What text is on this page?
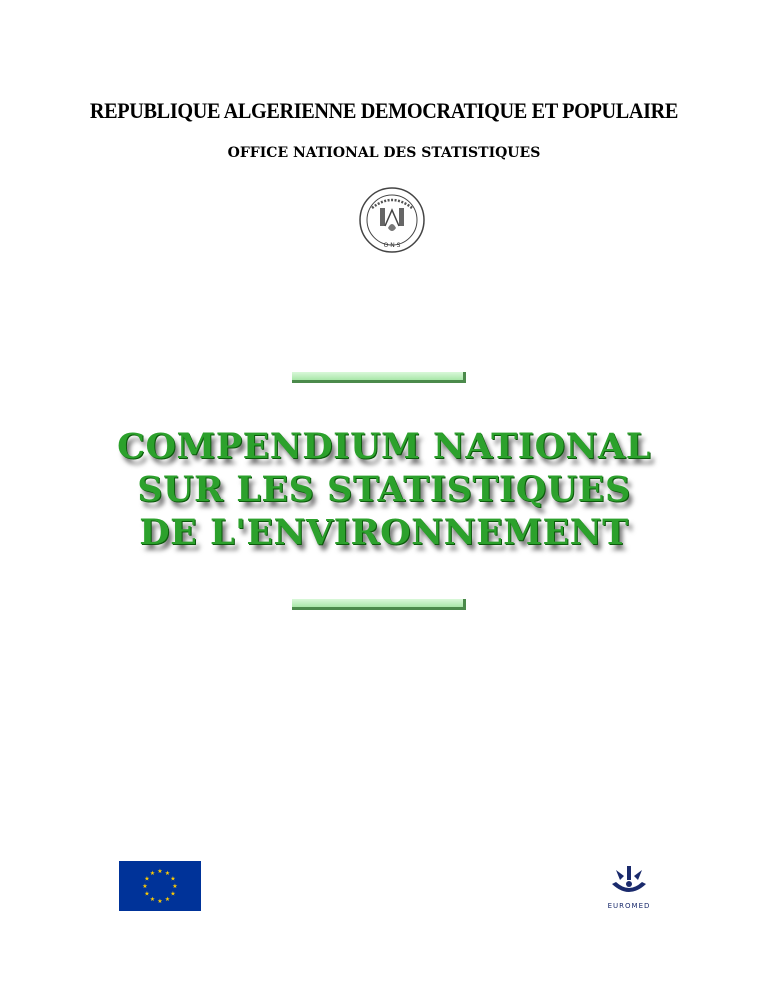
REPUBLIQUE ALGERIENNE DEMOCRATIQUE ET POPULAIRE
OFFICE NATIONAL DES STATISTIQUES
O N S
COMPENDIUM NATIONAL
SUR LES STATISTIQUES
DE L'ENVIRONNEMENT
★ ★
★
★
★
★
★
★
★
★
★
★
EUROMED
